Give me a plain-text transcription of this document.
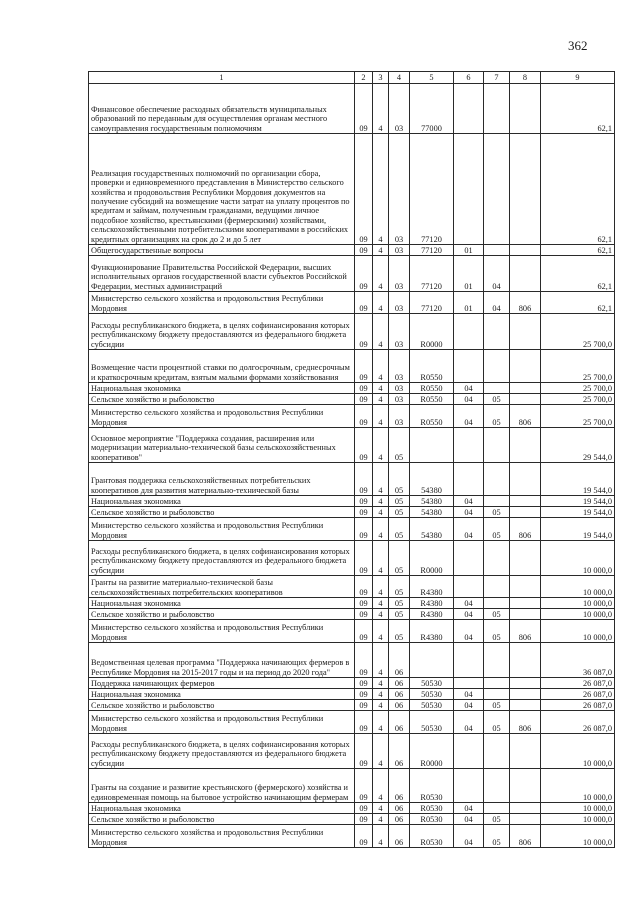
362
1	2	3	4	5	6	7	8	9
Финансовое обеспечение расходных обязательств муниципальных образований по переданным для осуществления органам местного самоуправления государственным полномочиям	09	4	03	77000				62,1
Реализация государственных полномочий по организации сбора, проверки и единовременного представления в Министерство сельского хозяйства и продовольствия Республики Мордовия документов на получение субсидий на возмещение части затрат на уплату процентов по кредитам и займам, полученным гражданами, ведущими личное подсобное хозяйство, крестьянскими (фермерскими) хозяйствами, сельскохозяйственными потребительскими кооперативами в российских кредитных организациях на срок до 2 и до 5 лет	09	4	03	77120				62,1
Общегосударственные вопросы	09	4	03	77120	01			62,1
Функционирование Правительства Российской Федерации, высших исполнительных органов государственной власти субъектов Российской Федерации, местных администраций	09	4	03	77120	01	04		62,1
Министерство сельского хозяйства и продовольствия Республики Мордовия	09	4	03	77120	01	04	806	62,1
Расходы республиканского бюджета, в целях софинансирования которых республиканскому бюджету предоставляются из федерального бюджета субсидии	09	4	03	R0000				25 700,0
Возмещение части процентной ставки по долгосрочным, среднесрочным и краткосрочным кредитам, взятым малыми формами хозяйствования	09	4	03	R0550				25 700,0
Национальная экономика	09	4	03	R0550	04			25 700,0
Сельское хозяйство и рыболовство	09	4	03	R0550	04	05		25 700,0
Министерство сельского хозяйства и продовольствия Республики Мордовия	09	4	03	R0550	04	05	806	25 700,0
Основное мероприятие "Поддержка создания, расширения или модернизации материально-технической базы сельскохозяйственных кооперативов"	09	4	05					29 544,0
Грантовая поддержка сельскохозяйственных потребительских кооперативов для развития материально-технической базы	09	4	05	54380				19 544,0
Национальная экономика	09	4	05	54380	04			19 544,0
Сельское хозяйство и рыболовство	09	4	05	54380	04	05		19 544,0
Министерство сельского хозяйства и продовольствия Республики Мордовия	09	4	05	54380	04	05	806	19 544,0
Расходы республиканского бюджета, в целях софинансирования которых республиканскому бюджету предоставляются из федерального бюджета субсидии	09	4	05	R0000				10 000,0
Гранты на развитие материально-технической базы сельскохозяйственных потребительских кооперативов	09	4	05	R4380				10 000,0
Национальная экономика	09	4	05	R4380	04			10 000,0
Сельское хозяйство и рыболовство	09	4	05	R4380	04	05		10 000,0
Министерство сельского хозяйства и продовольствия Республики Мордовия	09	4	05	R4380	04	05	806	10 000,0
Ведомственная целевая программа "Поддержка начинающих фермеров в Республике Мордовия на 2015-2017 годы и на период до 2020 года"	09	4	06					36 087,0
Поддержка начинающих фермеров	09	4	06	50530				26 087,0
Национальная экономика	09	4	06	50530	04			26 087,0
Сельское хозяйство и рыболовство	09	4	06	50530	04	05		26 087,0
Министерство сельского хозяйства и продовольствия Республики Мордовия	09	4	06	50530	04	05	806	26 087,0
Расходы республиканского бюджета, в целях софинансирования которых республиканскому бюджету предоставляются из федерального бюджета субсидии	09	4	06	R0000				10 000,0
Гранты на создание и развитие крестьянского (фермерского) хозяйства и единовременная помощь на бытовое устройство начинающим фермерам	09	4	06	R0530				10 000,0
Национальная экономика	09	4	06	R0530	04			10 000,0
Сельское хозяйство и рыболовство	09	4	06	R0530	04	05		10 000,0
Министерство сельского хозяйства и продовольствия Республики Мордовия	09	4	06	R0530	04	05	806	10 000,0
